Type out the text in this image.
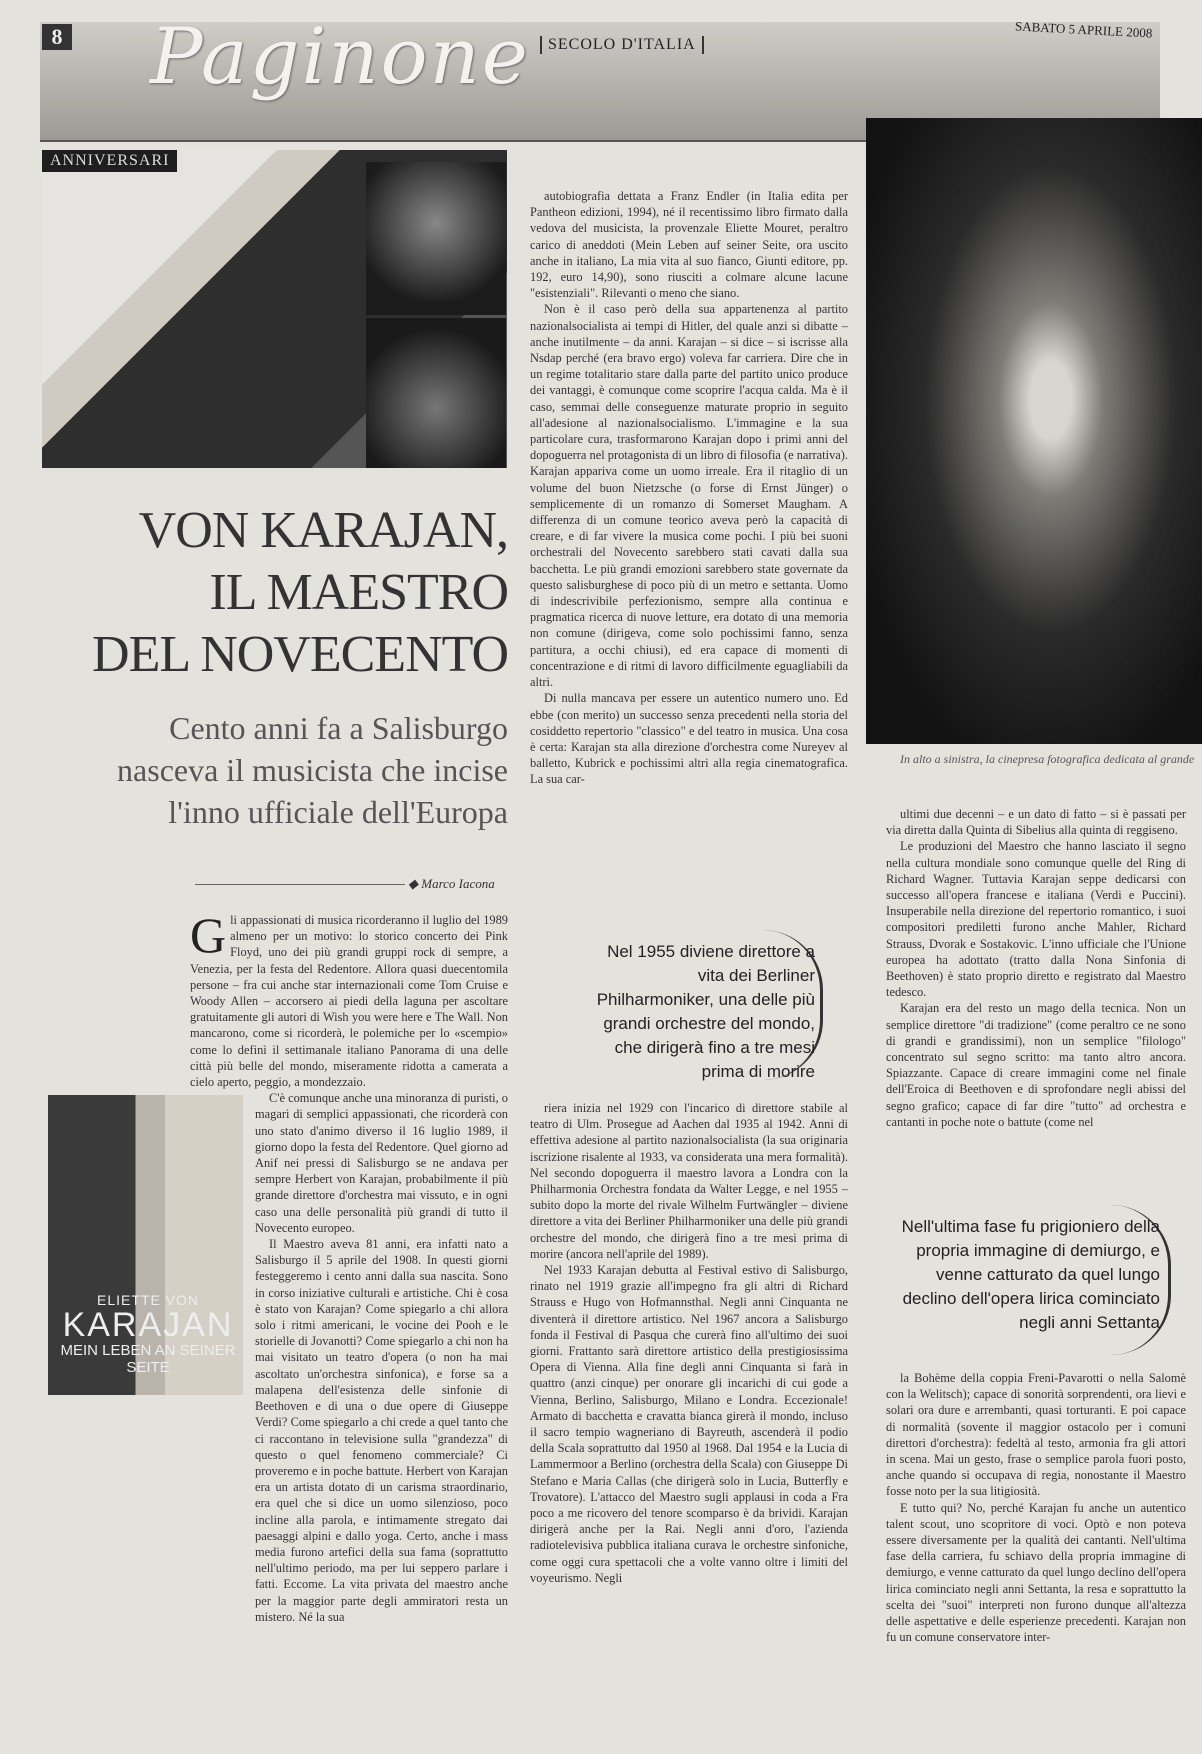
8 Paginone	SECOLO D'ITALIA
SABATO 5 APRILE 2008
ANNIVERSARI
In alto a sinistra, la cinepresa fotografica dedicata al grande
VON KARAJAN,
IL MAESTRO
DEL NOVECENTO
Cento anni fa a Salisburgo
nasceva il musicista che incise
l'inno ufficiale dell'Europa
◆ Marco Iacona
ELIETTE VON
KARAJAN
MEIN LEBEN AN SEINER SEITE

Gli appassionati di musica ricorderanno il luglio del 1989 almeno per un motivo: lo storico concerto dei Pink Floyd, uno dei più grandi gruppi rock di sempre, a Venezia, per la festa del Redentore. Allora quasi duecentomila persone – fra cui anche star internazionali come Tom Cruise e Woody Allen – accorsero ai piedi della laguna per ascoltare gratuitamente gli autori di Wish you were here e The Wall. Non mancarono, come si ricorderà, le polemiche per lo «scempio» come lo definì il settimanale italiano Panorama di una delle città più belle del mondo, miseramente ridotta a camerata a cielo aperto, peggio, a mondezzaio.

C'è comunque anche una minoranza di puristi, o magari di semplici appassionati, che ricorderà con uno stato d'animo diverso il 16 luglio 1989, il giorno dopo la festa del Redentore. Quel giorno ad Anif nei pressi di Salisburgo se ne andava per sempre Herbert von Karajan, probabilmente il più grande direttore d'orchestra mai vissuto, e in ogni caso una delle personalità più grandi di tutto il Novecento europeo.

Il Maestro aveva 81 anni, era infatti nato a Salisburgo il 5 aprile del 1908. In questi giorni festeggeremo i cento anni dalla sua nascita. Sono in corso iniziative culturali e artistiche. Chi è cosa è stato von Karajan? Come spiegarlo a chi allora solo i ritmi americani, le vocine dei Pooh e le storielle di Jovanotti? Come spiegarlo a chi non ha mai visitato un teatro d'opera (o non ha mai ascoltato un'orchestra sinfonica), e forse sa a malapena dell'esistenza delle sinfonie di Beethoven e di una o due opere di Giuseppe Verdi? Come spiegarlo a chi crede a quel tanto che ci raccontano in televisione sulla "grandezza" di questo o quel fenomeno commerciale? Ci proveremo e in poche battute. Herbert von Karajan era un artista dotato di un carisma straordinario, era quel che si dice un uomo silenzioso, poco incline alla parola, e intimamente stregato dai paesaggi alpini e dallo yoga. Certo, anche i mass media furono artefici della sua fama (soprattutto nell'ultimo periodo, ma per lui seppero parlare i fatti. Eccome. La vita privata del maestro anche per la maggior parte degli ammiratori resta un mistero. Né la sua

autobiografia dettata a Franz Endler (in Italia edita per Pantheon edizioni, 1994), né il recentissimo libro firmato dalla vedova del musicista, la provenzale Eliette Mouret, peraltro carico di aneddoti (Mein Leben auf seiner Seite, ora uscito anche in italiano, La mia vita al suo fianco, Giunti editore, pp. 192, euro 14,90), sono riusciti a colmare alcune lacune "esistenziali". Rilevanti o meno che siano.

Non è il caso però della sua appartenenza al partito nazionalsocialista ai tempi di Hitler, del quale anzi si dibatte – anche inutilmente – da anni. Karajan – si dice – si iscrisse alla Nsdap perché (era bravo ergo) voleva far carriera. Dire che in un regime totalitario stare dalla parte del partito unico produce dei vantaggi, è comunque come scoprire l'acqua calda. Ma è il caso, semmai delle conseguenze maturate proprio in seguito all'adesione al nazionalsocialismo. L'immagine e la sua particolare cura, trasformarono Karajan dopo i primi anni del dopoguerra nel protagonista di un libro di filosofia (e narrativa). Karajan appariva come un uomo irreale. Era il ritaglio di un volume del buon Nietzsche (o forse di Ernst Jünger) o semplicemente di un romanzo di Somerset Maugham. A differenza di un comune teorico aveva però la capacità di creare, e di far vivere la musica come pochi. I più bei suoni orchestrali del Novecento sarebbero stati cavati dalla sua bacchetta. Le più grandi emozioni sarebbero state governate da questo salisburghese di poco più di un metro e settanta. Uomo di indescrivibile perfezionismo, sempre alla continua e pragmatica ricerca di nuove letture, era dotato di una memoria non comune (dirigeva, come solo pochissimi fanno, senza partitura, a occhi chiusi), ed era capace di momenti di concentrazione e di ritmi di lavoro difficilmente eguagliabili da altri.

Di nulla mancava per essere un autentico numero uno. Ed ebbe (con merito) un successo senza precedenti nella storia del cosiddetto repertorio "classico" e del teatro in musica. Una cosa è certa: Karajan sta alla direzione d'orchestra come Nureyev al balletto, Kubrick e pochissimi altri alla regia cinematografica. La sua car-

Nel 1955 diviene direttore a vita dei Berliner Philharmoniker, una delle più grandi orchestre del mondo, che dirigerà fino a tre mesi prima di morire

riera inizia nel 1929 con l'incarico di direttore stabile al teatro di Ulm. Prosegue ad Aachen dal 1935 al 1942. Anni di effettiva adesione al partito nazionalsocialista (la sua originaria iscrizione risalente al 1933, va considerata una mera formalità). Nel secondo dopoguerra il maestro lavora a Londra con la Philharmonia Orchestra fondata da Walter Legge, e nel 1955 – subito dopo la morte del rivale Wilhelm Furtwängler – diviene direttore a vita dei Berliner Philharmoniker una delle più grandi orchestre del mondo, che dirigerà fino a tre mesi prima di morire (ancora nell'aprile del 1989).

Nel 1933 Karajan debutta al Festival estivo di Salisburgo, rinato nel 1919 grazie all'impegno fra gli altri di Richard Strauss e Hugo von Hofmannsthal. Negli anni Cinquanta ne diventerà il direttore artistico. Nel 1967 ancora a Salisburgo fonda il Festival di Pasqua che curerà fino all'ultimo dei suoi giorni. Frattanto sarà direttore artistico della prestigiosissima Opera di Vienna. Alla fine degli anni Cinquanta si farà in quattro (anzi cinque) per onorare gli incarichi di cui gode a Vienna, Berlino, Salisburgo, Milano e Londra. Eccezionale! Armato di bacchetta e cravatta bianca girerà il mondo, incluso il sacro tempio wagneriano di Bayreuth, ascenderà il podio della Scala soprattutto dal 1950 al 1968. Dal 1954 e la Lucia di Lammermoor a Berlino (orchestra della Scala) con Giuseppe Di Stefano e Maria Callas (che dirigerà solo in Lucia, Butterfly e Trovatore). L'attacco del Maestro sugli applausi in coda a Fra poco a me ricovero del tenore scomparso è da brividi. Karajan dirigerà anche per la Rai. Negli anni d'oro, l'azienda radiotelevisiva pubblica italiana curava le orchestre sinfoniche, come oggi cura spettacoli che a volte vanno oltre i limiti del voyeurismo. Negli

ultimi due decenni – e un dato di fatto – si è passati per via diretta dalla Quinta di Sibelius alla quinta di reggiseno.

Le produzioni del Maestro che hanno lasciato il segno nella cultura mondiale sono comunque quelle del Ring di Richard Wagner. Tuttavia Karajan seppe dedicarsi con successo all'opera francese e italiana (Verdi e Puccini). Insuperabile nella direzione del repertorio romantico, i suoi compositori prediletti furono anche Mahler, Richard Strauss, Dvorak e Sostakovic. L'inno ufficiale che l'Unione europea ha adottato (tratto dalla Nona Sinfonia di Beethoven) è stato proprio diretto e registrato dal Maestro tedesco.

Karajan era del resto un mago della tecnica. Non un semplice direttore "di tradizione" (come peraltro ce ne sono di grandi e grandissimi), non un semplice "filologo" concentrato sul segno scritto: ma tanto altro ancora. Spiazzante. Capace di creare immagini come nel finale dell'Eroica di Beethoven e di sprofondare negli abissi del segno grafico; capace di far dire "tutto" ad orchestra e cantanti in poche note o battute (come nel

Nell'ultima fase fu prigioniero della propria immagine di demiurgo, e venne catturato da quel lungo declino dell'opera lirica cominciato negli anni Settanta

la Bohème della coppia Freni-Pavarotti o nella Salomè con la Welitsch); capace di sonorità sorprendenti, ora lievi e solari ora dure e arrembanti, quasi torturanti. E poi capace di normalità (sovente il maggior ostacolo per i comuni direttori d'orchestra): fedeltà al testo, armonia fra gli attori in scena. Mai un gesto, frase o semplice parola fuori posto, anche quando si occupava di regia, nonostante il Maestro fosse noto per la sua litigiosità.

E tutto qui? No, perché Karajan fu anche un autentico talent scout, uno scopritore di voci. Optò e non poteva essere diversamente per la qualità dei cantanti. Nell'ultima fase della carriera, fu schiavo della propria immagine di demiurgo, e venne catturato da quel lungo declino dell'opera lirica cominciato negli anni Settanta, la resa e soprattutto la scelta dei "suoi" interpreti non furono dunque all'altezza delle aspettative e delle esperienze precedenti. Karajan non fu un comune conservatore inter-
